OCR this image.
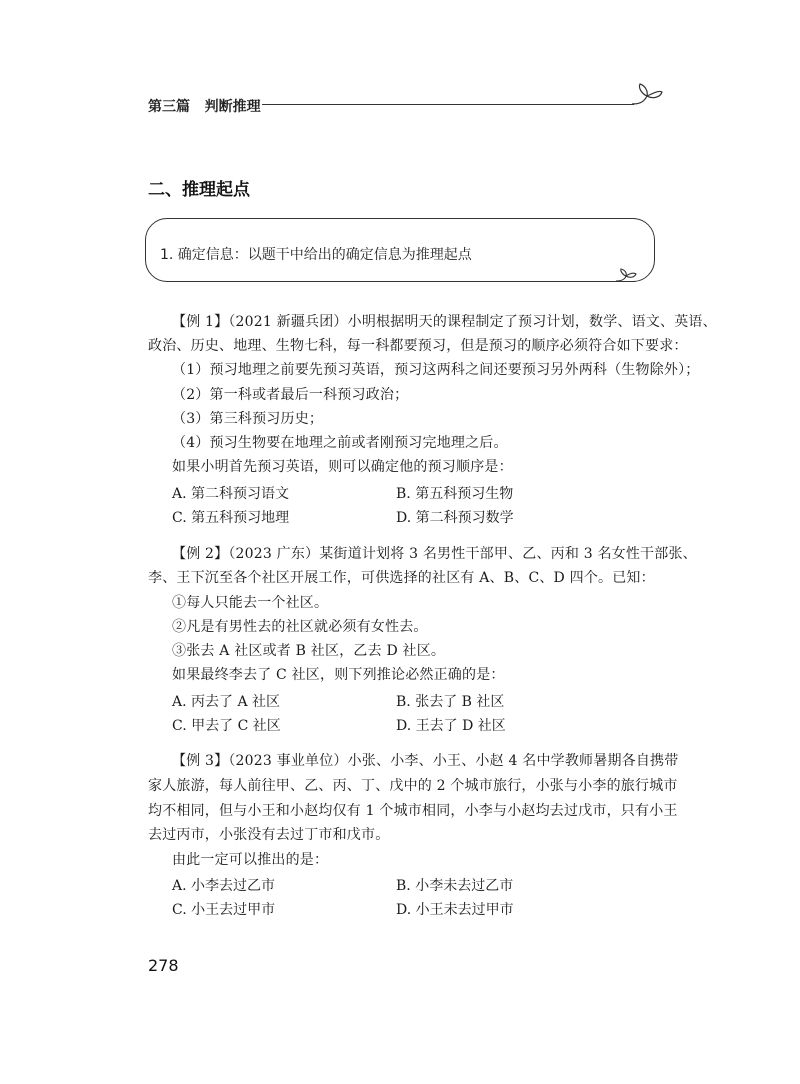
第三篇 判断推理
二、推理起点
1. 确定信息：以题干中给出的确定信息为推理起点
【例 1】（2021 新疆兵团）小明根据明天的课程制定了预习计划，数学、语文、英语、
政治、历史、地理、生物七科，每一科都要预习，但是预习的顺序必须符合如下要求：
（1）预习地理之前要先预习英语，预习这两科之间还要预习另外两科（生物除外）；
（2）第一科或者最后一科预习政治；
（3）第三科预习历史；
（4）预习生物要在地理之前或者刚预习完地理之后。
如果小明首先预习英语，则可以确定他的预习顺序是：
A. 第二科预习语文	B. 第五科预习生物
C. 第五科预习地理	D. 第二科预习数学
【例 2】（2023 广东）某街道计划将 3 名男性干部甲、乙、丙和 3 名女性干部张、
李、王下沉至各个社区开展工作，可供选择的社区有 A、B、C、D 四个。已知：
①每人只能去一个社区。
②凡是有男性去的社区就必须有女性去。
③张去 A 社区或者 B 社区，乙去 D 社区。
如果最终李去了 C 社区，则下列推论必然正确的是：
A. 丙去了 A 社区	B. 张去了 B 社区
C. 甲去了 C 社区	D. 王去了 D 社区
【例 3】（2023 事业单位）小张、小李、小王、小赵 4 名中学教师暑期各自携带
家人旅游，每人前往甲、乙、丙、丁、戊中的 2 个城市旅行，小张与小李的旅行城市
均不相同，但与小王和小赵均仅有 1 个城市相同，小李与小赵均去过戊市，只有小王
去过丙市，小张没有去过丁市和戊市。
由此一定可以推出的是：
A. 小李去过乙市	B. 小李未去过乙市
C. 小王去过甲市	D. 小王未去过甲市
278
